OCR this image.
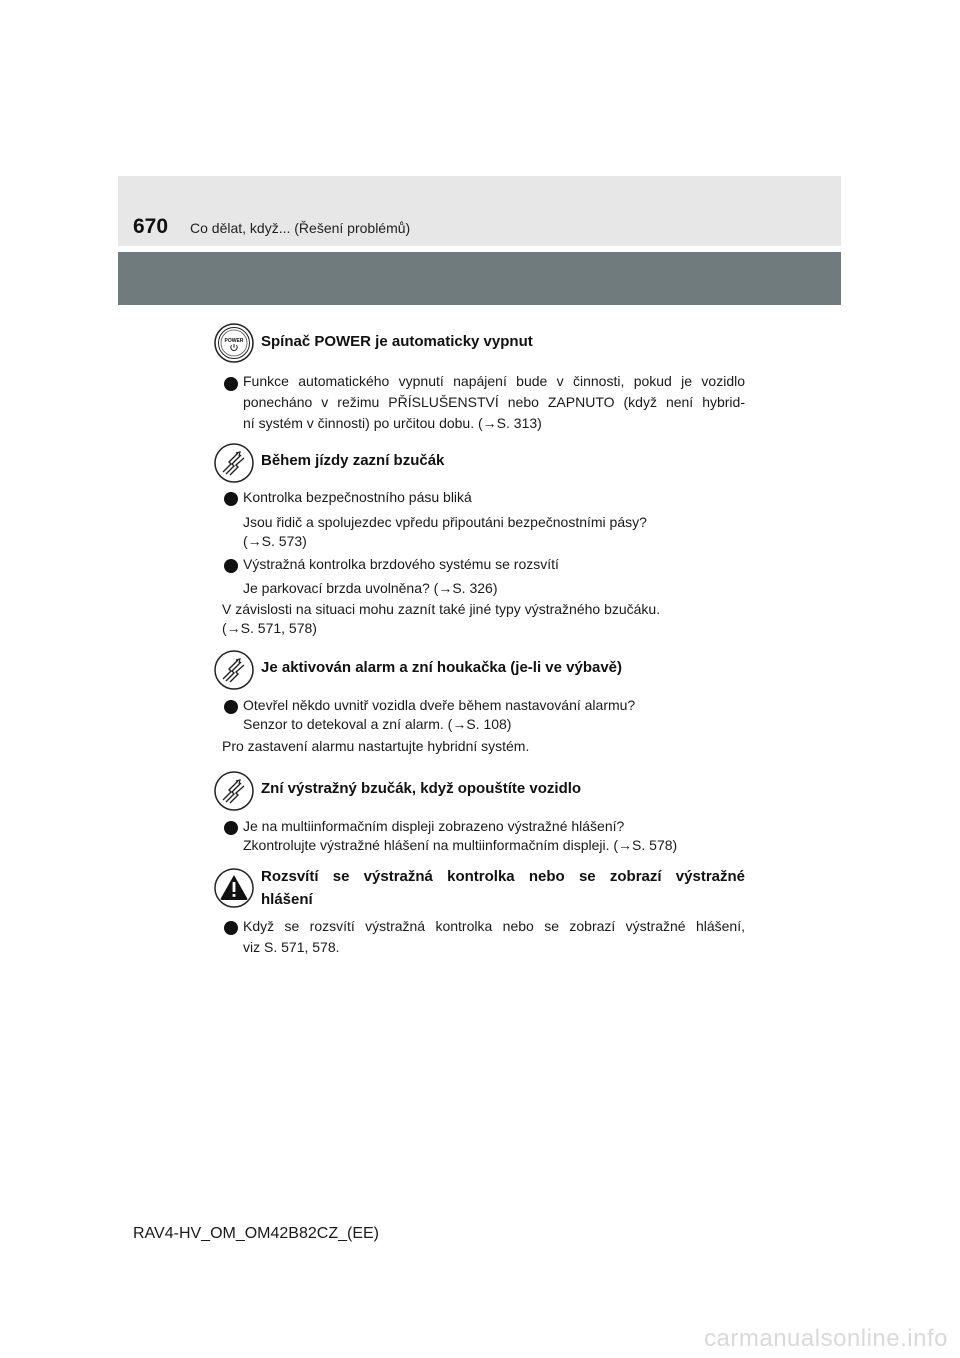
670 Co dělat, když... (Řešení problémů)
POWER Spínač POWER je automaticky vypnut
Funkce automatického vypnutí napájení bude v činnosti, pokud je vozidlo ponecháno v režimu PŘÍSLUŠENSTVÍ nebo ZAPNUTO (když není hybrid-
ní systém v činnosti) po určitou dobu. (→S. 313)
Během jízdy zazní bzučák
Kontrolka bezpečnostního pásu bliká
Jsou řidič a spolujezdec vpředu připoutáni bezpečnostními pásy?
(→S. 573)
Výstražná kontrolka brzdového systému se rozsvítí
Je parkovací brzda uvolněna? (→S. 326)
V závislosti na situaci mohu zaznít také jiné typy výstražného bzučáku.
(→S. 571, 578)
Je aktivován alarm a zní houkačka (je-li ve výbavě)
Otevřel někdo uvnitř vozidla dveře během nastavování alarmu?
Senzor to detekoval a zní alarm. (→S. 108)
Pro zastavení alarmu nastartujte hybridní systém.
Zní výstražný bzučák, když opouštíte vozidlo
Je na multiinformačním displeji zobrazeno výstražné hlášení?
Zkontrolujte výstražné hlášení na multiinformačním displeji. (→S. 578)
Rozsvítí se výstražná kontrolka nebo se zobrazí výstražné
hlášení
Když se rozsvítí výstražná kontrolka nebo se zobrazí výstražné hlášení,
viz S. 571, 578.
RAV4-HV_OM_OM42B82CZ_(EE)
carmanualsonline.info
